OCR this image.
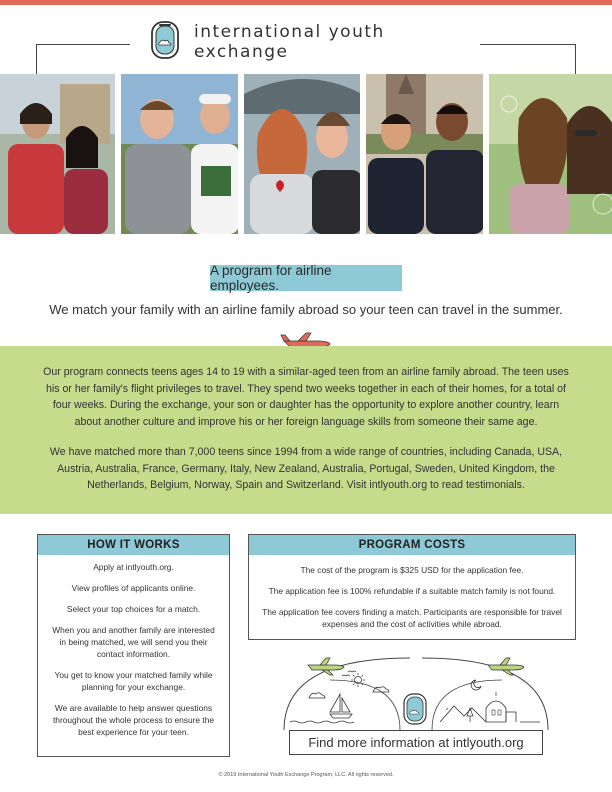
international youth exchange
A program for airline employees.
We match your family with an airline family abroad so your teen can travel in the summer.

Our program connects teens ages 14 to 19 with a similar-aged teen from an airline family abroad. The teen uses his or her family's flight privileges to travel. They spend two weeks together in each of their homes, for a total of four weeks. During the exchange, your son or daughter has the opportunity to explore another country, learn about another culture and improve his or her foreign language skills from someone their same age.

We have matched more than 7,000 teens since 1994 from a wide range of countries, including Canada, USA, Austria, Australia, France, Germany, Italy, New Zealand, Australia, Portugal, Sweden, United Kingdom, the Netherlands, Belgium, Norway, Spain and Switzerland. Visit intlyouth.org to read testimonials.

HOW IT WORKS
Apply at intlyouth.org.
View profiles of applicants online.
Select your top choices for a match.
When you and another family are interested in being matched, we will send you their contact information.
You get to know your matched family while planning for your exchange.
We are available to help answer questions throughout the whole process to ensure the best experience for your teen.
PROGRAM COSTS
The cost of the program is $325 USD for the application fee.
The application fee is 100% refundable if a suitable match family is not found.
The application fee covers finding a match. Participants are responsible for travel expenses and the cost of activities while abroad.
Find more information at intlyouth.org
© 2019 International Youth Exchange Program, LLC. All rights reserved.
